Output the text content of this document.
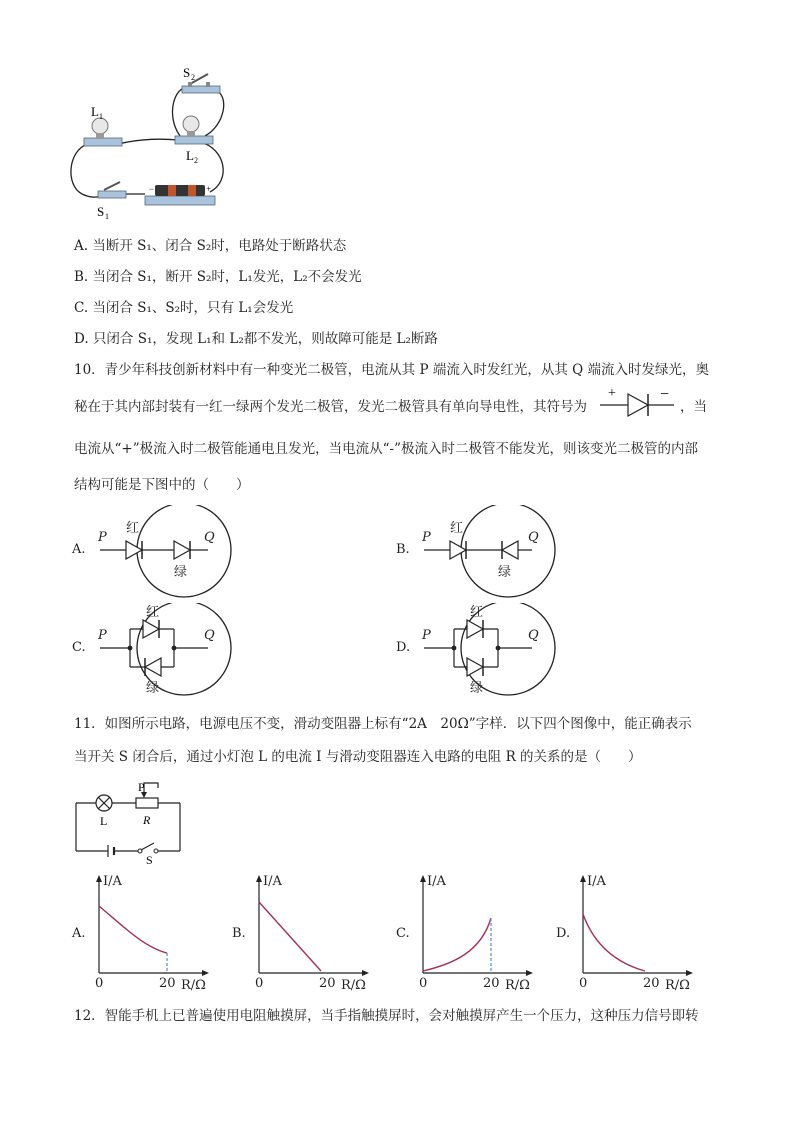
−	+
S 2
L 1
L 2
S 1
A. 当断开 S₁、闭合 S₂时，电路处于断路状态
B. 当闭合 S₁，断开 S₂时，L₁发光，L₂不会发光
C. 当闭合 S₁、S₂时，只有 L₁会发光
D. 只闭合 S₁，发现 L₁和 L₂都不发光，则故障可能是 L₂断路
10．青少年科技创新材料中有一种变光二极管，电流从其 P 端流入时发红光，从其 Q 端流入时发绿光，奥
秘在于其内部封装有一红一绿两个发光二极管，发光二极管具有单向导电性，其符号为
+	−
，当
电流从“+”极流入时二极管能通电且发光，当电流从“-”极流入时二极管不能发光，则该变光二极管的内部
结构可能是下图中的（　　）
A.
P	Q
红
绿
B.
P	Q
红
绿
C.
P	Q
红
绿
D.
P	Q
红
绿
11．如图所示电路，电源电压不变，滑动变阻器上标有“2A　20Ω”字样．以下四个图像中，能正确表示
当开关 S 闭合后，通过小灯泡 L 的电流 I 与滑动变阻器连入电路的电阻 R 的关系的是（　　）
L
P
R
S
A.
I/A
0	20 R/Ω
B.
I/A
0	20 R/Ω
C.
I/A
0	20 R/Ω
D.
I/A
0	20 R/Ω
12．智能手机上已普遍使用电阻触摸屏，当手指触摸屏时，会对触摸屏产生一个压力，这种压力信号即转
